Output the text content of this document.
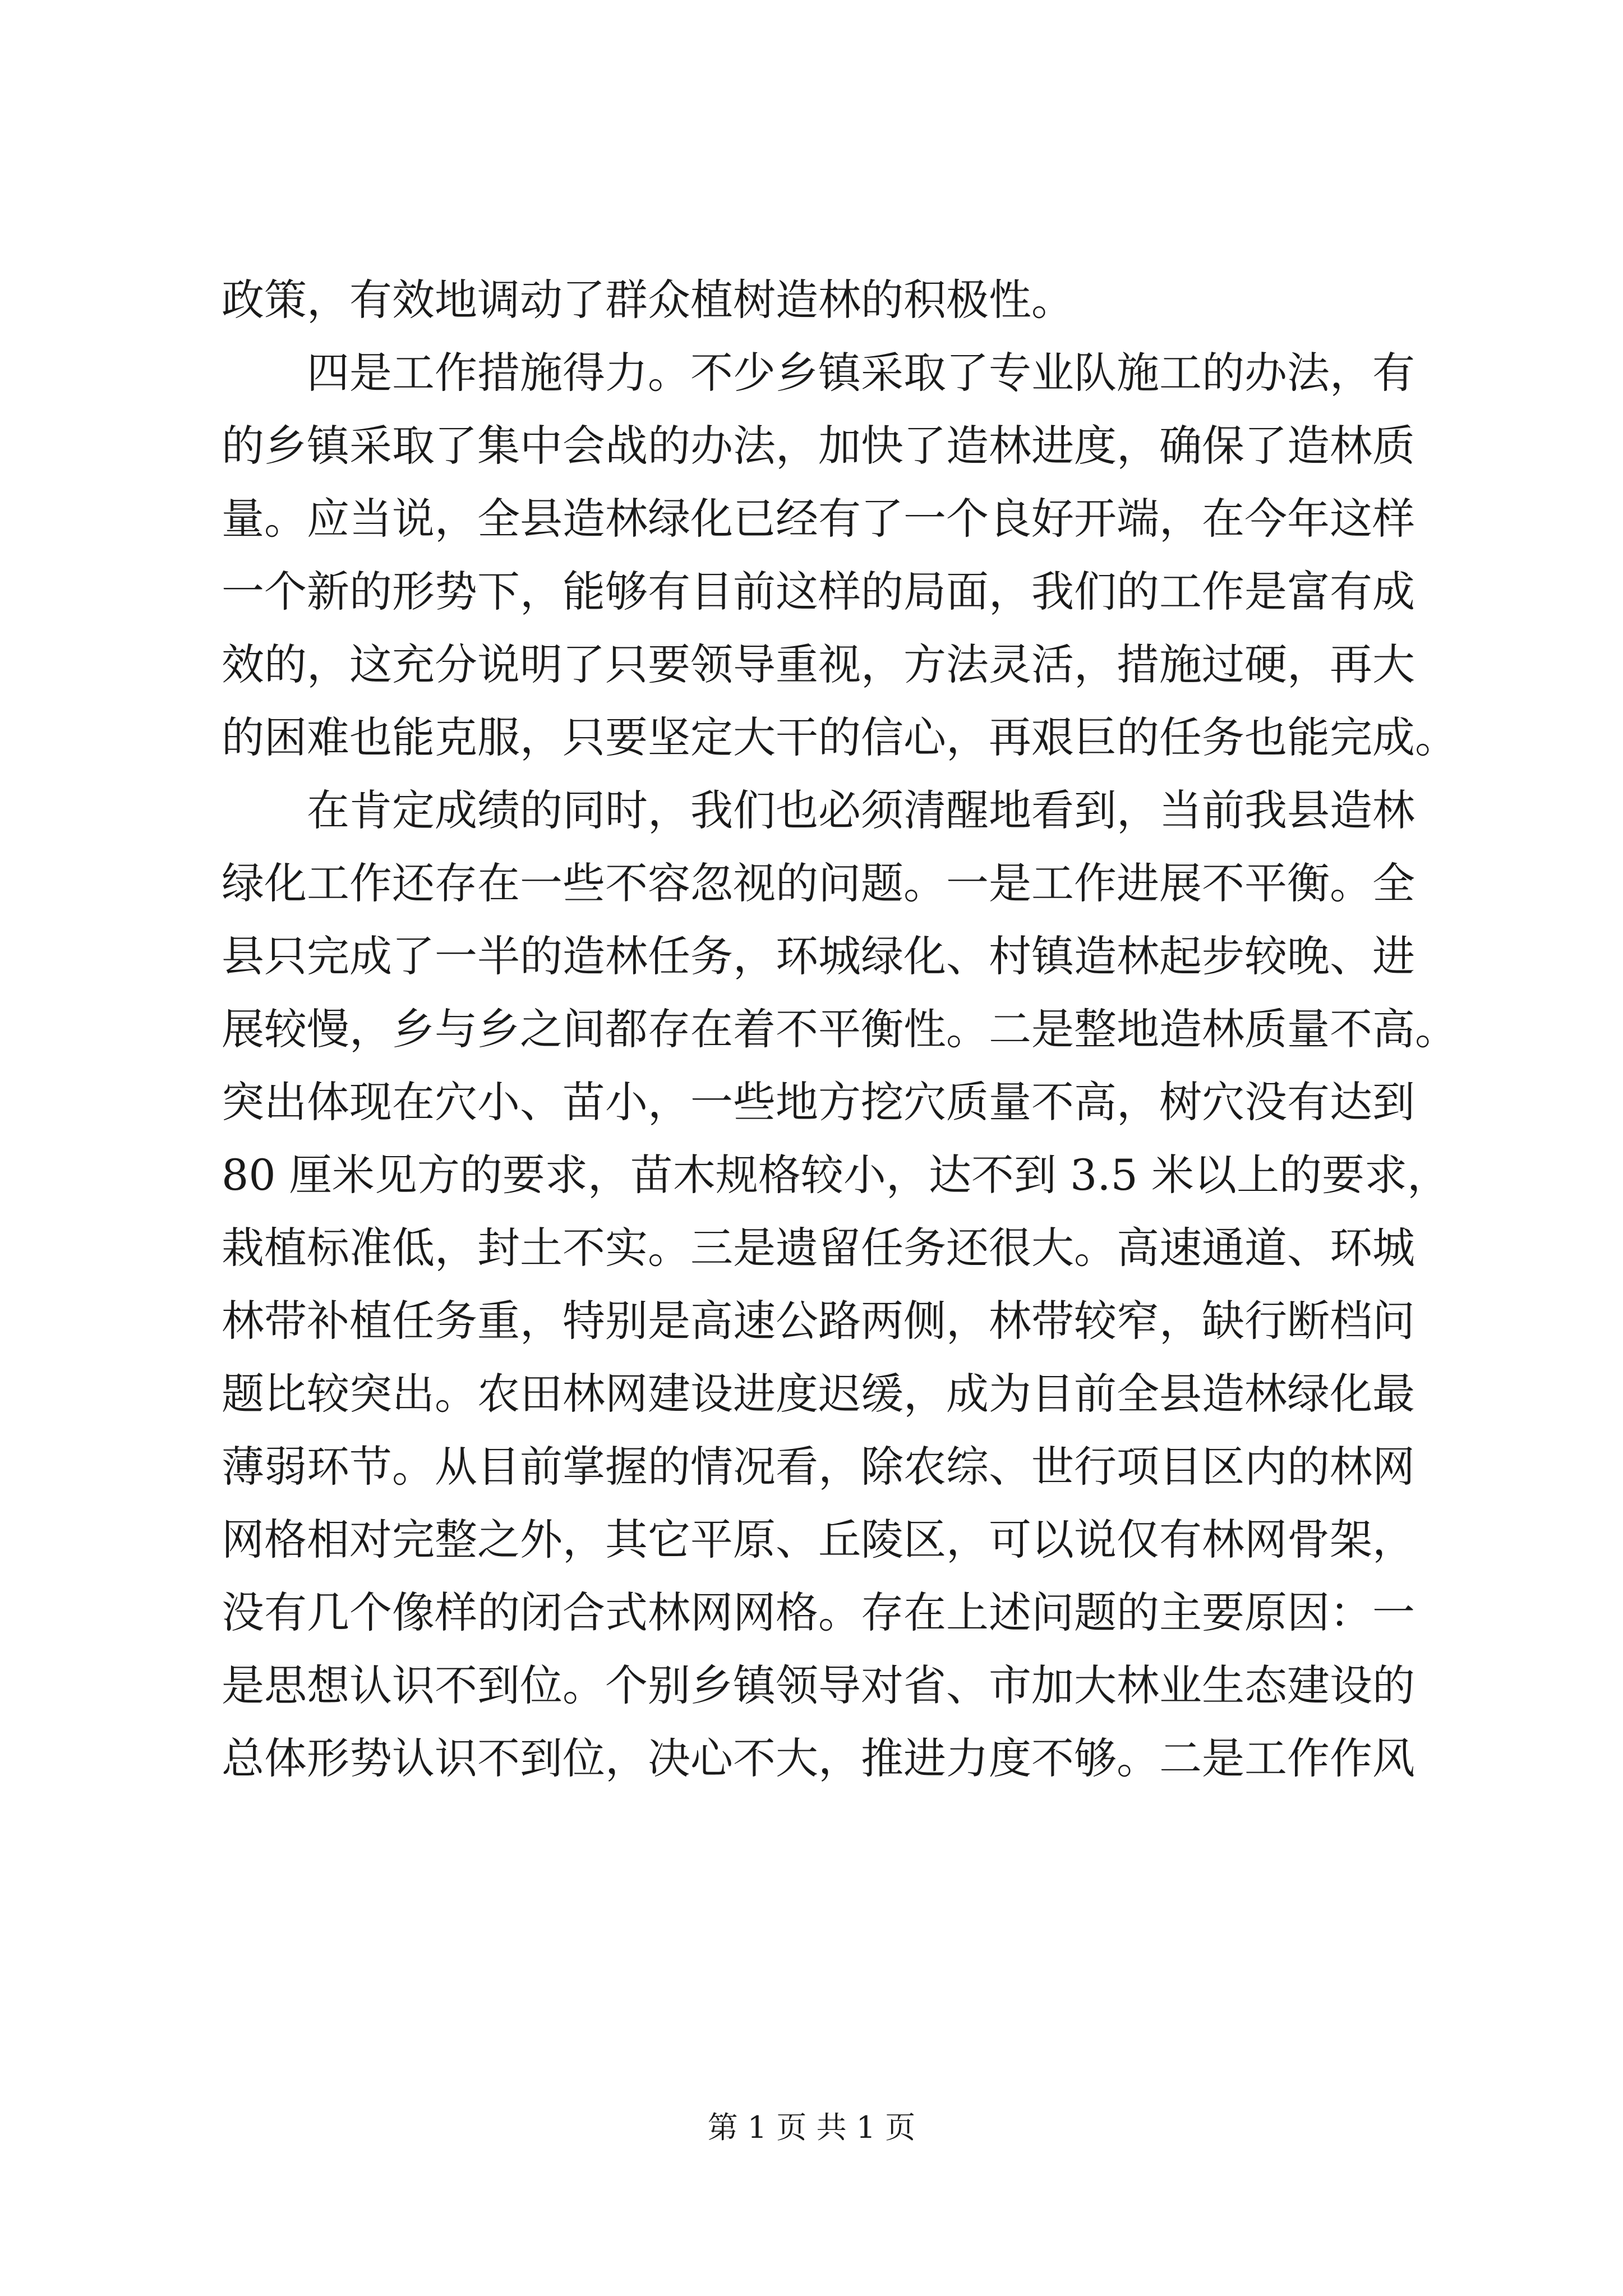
政策，有效地调动了群众植树造林的积极性。
四是工作措施得力。不少乡镇采取了专业队施工的办法，有
的乡镇采取了集中会战的办法，加快了造林进度，确保了造林质
量。应当说，全县造林绿化已经有了一个良好开端，在今年这样
一个新的形势下，能够有目前这样的局面，我们的工作是富有成
效的，这充分说明了只要领导重视，方法灵活，措施过硬，再大
的困难也能克服，只要坚定大干的信心，再艰巨的任务也能完成。
在肯定成绩的同时，我们也必须清醒地看到，当前我县造林
绿化工作还存在一些不容忽视的问题。一是工作进展不平衡。全
县只完成了一半的造林任务，环城绿化、村镇造林起步较晚、进
展较慢，乡与乡之间都存在着不平衡性。二是整地造林质量不高。
突出体现在穴小、苗小，一些地方挖穴质量不高，树穴没有达到
80 厘米见方的要求，苗木规格较小，达不到 3.5 米以上的要求，
栽植标准低，封土不实。三是遗留任务还很大。高速通道、环城
林带补植任务重，特别是高速公路两侧，林带较窄，缺行断档问
题比较突出。农田林网建设进度迟缓，成为目前全县造林绿化最
薄弱环节。从目前掌握的情况看，除农综、世行项目区内的林网
网格相对完整之外，其它平原、丘陵区，可以说仅有林网骨架，
没有几个像样的闭合式林网网格。存在上述问题的主要原因：一
是思想认识不到位。个别乡镇领导对省、市加大林业生态建设的
总体形势认识不到位，决心不大，推进力度不够。二是工作作风
第 1 页 共 1 页
